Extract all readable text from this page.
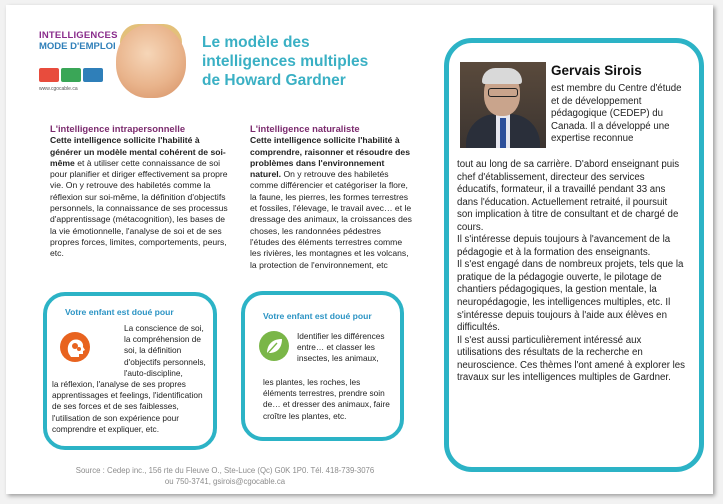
INTELLIGENCES
MODE D'EMPLOI
www.cgocable.ca
Le modèle des
intelligences multiples
de Howard Gardner
L'intelligence intrapersonnelle
Cette intelligence sollicite l'habilité à générer un modèle mental cohérent de soi-même et à utiliser cette connaissance de soi pour planifier et diriger effectivement sa propre vie. On y retrouve des habiletés comme la réflexion sur soi-même, la définition d'objectifs personnels, la connaissance de ses processus d'apprentissage (métacognition), les bases de la vie émotionnelle, l'analyse de soi et de ses propres forces, limites, comportements, peurs, etc.
L'intelligence naturaliste
Cette intelligence sollicite l'habilité à comprendre, raisonner et résoudre des problèmes dans l'environnement naturel. On y retrouve des habiletés comme différencier et catégoriser la flore, la faune, les pierres, les formes terrestres et fossiles, l'élevage, le travail avec… et le dressage des animaux, la croissances des choses, les randonnées pédestres l'études des éléments terrestres comme les rivières, les montagnes et les volcans, la protection de l'environnement, etc
Votre enfant est doué pour
La conscience de soi, la compréhension de soi, la définition d'objectifs personnels, l'auto-discipline,
la réflexion, l'analyse de ses propres apprentissages et feelings, l'identification de ses forces et de ses faiblesses, l'utilisation de son expérience pour comprendre et expliquer, etc.
Votre enfant est doué pour
Identifier les différences entre… et classer les insectes, les animaux,
les plantes, les roches, les éléments terrestres, prendre soin de… et dresser des animaux, faire croître les plantes, etc.
Gervais Sirois
est membre du Centre d'étude et de développement pédagogique (CEDEP) du Canada. Il a développé une expertise reconnue

tout au long de sa carrière. D'abord enseignant puis chef d'établissement, directeur des services éducatifs, formateur, il a travaillé pendant 33 ans dans l'éducation. Actuellement retraité, il poursuit son implication à titre de consultant et de chargé de cours.

Il s'intéresse depuis toujours à l'avancement de la pédagogie et à la formation des enseignants.

Il s'est engagé dans de nombreux projets, tels que la pratique de la pédagogie ouverte, le pilotage de chantiers pédagogiques, la gestion mentale, la neuropédagogie, les intelligences multiples, etc. Il s'intéresse depuis toujours à l'aide aux élèves en difficultés.

Il s'est aussi particulièrement intéressé aux utilisations des résultats de la recherche en neuroscience. Ces thèmes l'ont amené à explorer les travaux sur les intelligences multiples de Gardner.

Source : Cedep inc., 156 rte du Fleuve O., Ste-Luce (Qc) G0K 1P0. Tél. 418-739-3076
ou 750-3741, gsirois@cgocable.ca
